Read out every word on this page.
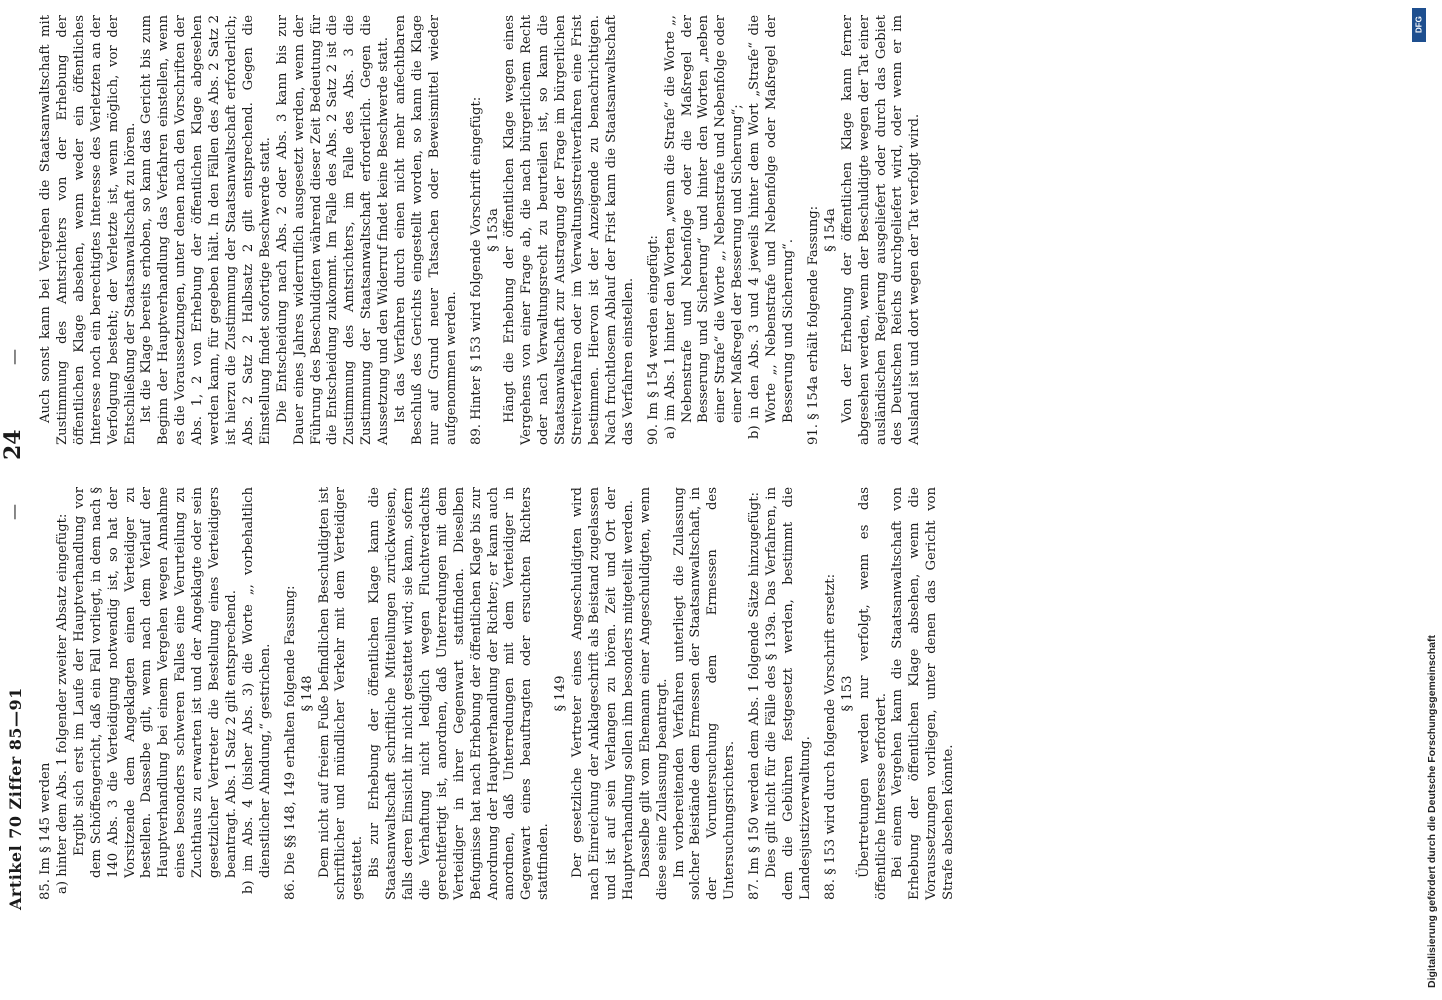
Artikel 70 Ziffer 85—91
—
24
—

85. Im § 145 werden a) hinter dem Abs. 1 folgender zweiter Absatz eingefügt: Ergibt sich erst im Laufe der Hauptverhandlung vor dem Schöffengericht, daß ein Fall vorliegt, in dem nach § 140 Abs. 3 die Verteidigung notwendig ist, so hat der Vorsitzende dem Angeklagten einen Verteidiger zu bestellen. Dasselbe gilt, wenn nach dem Verlauf der Hauptverhandlung bei einem Vergehen wegen Annahme eines besonders schweren Falles eine Verurteilung zu Zuchthaus zu erwarten ist und der Angeklagte oder sein gesetzlicher Vertreter die Bestellung eines Verteidigers beantragt. Abs. 1 Satz 2 gilt entsprechend. b) im Abs. 4 (bisher Abs. 3) die Worte „, vorbehaltlich dienstlicher Ahndung,“ gestrichen. 86. Die §§ 148, 149 erhalten folgende Fassung: § 148 Dem nicht auf freiem Fuße befindlichen Beschuldigten ist schriftlicher und mündlicher Verkehr mit dem Verteidiger gestattet. Bis zur Erhebung der öffentlichen Klage kann die Staatsanwaltschaft schriftliche Mitteilungen zurückweisen, falls deren Einsicht ihr nicht gestattet wird; sie kann, sofern die Verhaftung nicht lediglich wegen Fluchtverdachts gerechtfertigt ist, anordnen, daß Unterredungen mit dem Verteidiger in ihrer Gegenwart stattfinden. Dieselben Befugnisse hat nach Erhebung der öffentlichen Klage bis zur Anordnung der Hauptverhandlung der Richter; er kann auch anordnen, daß Unterredungen mit dem Verteidiger in Gegenwart eines beauftragten oder ersuchten Richters stattfinden.

§ 149 Der gesetzliche Vertreter eines Angeschuldigten wird nach Einreichung der Anklageschrift als Beistand zugelassen und ist auf sein Verlangen zu hören. Zeit und Ort der Hauptverhandlung sollen ihm besonders mitgeteilt werden. Dasselbe gilt vom Ehemann einer Angeschuldigten, wenn diese seine Zulassung beantragt. Im vorbereitenden Verfahren unterliegt die Zulassung solcher Beistände dem Ermessen der Staatsanwaltschaft, in der Voruntersuchung dem Ermessen des Untersuchungsrichters. 87. Im § 150 werden dem Abs. 1 folgende Sätze hinzugefügt: Dies gilt nicht für die Fälle des § 139a. Das Verfahren, in dem die Gebühren festgesetzt werden, bestimmt die Landesjustizverwaltung. 88. § 153 wird durch folgende Vorschrift ersetzt: § 153 Übertretungen werden nur verfolgt, wenn es das öffentliche Interesse erfordert. Bei einem Vergehen kann die Staatsanwaltschaft von Erhebung der öffentlichen Klage absehen, wenn die Voraussetzungen vorliegen, unter denen das Gericht von Strafe absehen könnte.

Auch sonst kann bei Vergehen die Staatsanwaltschaft mit Zustimmung des Amtsrichters von der Erhebung der öffentlichen Klage absehen, wenn weder ein öffentliches Interesse noch ein berechtigtes Interesse des Verletzten an der Verfolgung besteht; der Verletzte ist, wenn möglich, vor der Entschließung der Staatsanwaltschaft zu hören. Ist die Klage bereits erhoben, so kann das Gericht bis zum Beginn der Hauptverhandlung das Verfahren einstellen, wenn es die Voraussetzungen, unter denen nach den Vorschriften der Abs. 1, 2 von Erhebung der öffentlichen Klage abgesehen werden kann, für gegeben hält. In den Fällen des Abs. 2 Satz 2 ist hierzu die Zustimmung der Staatsanwaltschaft erforderlich; Abs. 2 Satz 2 Halbsatz 2 gilt entsprechend. Gegen die Einstellung findet sofortige Beschwerde statt. Die Entscheidung nach Abs. 2 oder Abs. 3 kann bis zur Dauer eines Jahres widerruflich ausgesetzt werden, wenn der Führung des Beschuldigten während dieser Zeit Bedeutung für die Entscheidung zukommt. Im Falle des Abs. 2 Satz 2 ist die Zustimmung des Amtsrichters, im Falle des Abs. 3 die Zustimmung der Staatsanwaltschaft erforderlich. Gegen die Aussetzung und den Widerruf findet keine Beschwerde statt. Ist das Verfahren durch einen nicht mehr anfechtbaren Beschluß des Gerichts eingestellt worden, so kann die Klage nur auf Grund neuer Tatsachen oder Beweismittel wieder aufgenommen werden. 89. Hinter § 153 wird folgende Vorschrift eingefügt: § 153a Hängt die Erhebung der öffentlichen Klage wegen eines Vergehens von einer Frage ab, die nach bürgerlichem Recht oder nach Verwaltungsrecht zu beurteilen ist, so kann die Staatsanwaltschaft zur Austragung der Frage im bürgerlichen Streitverfahren oder im Verwaltungsstreitverfahren eine Frist bestimmen. Hiervon ist der Anzeigende zu benachrichtigen. Nach fruchtlosem Ablauf der Frist kann die Staatsanwaltschaft das Verfahren einstellen. 90. Im § 154 werden eingefügt: a) im Abs. 1 hinter den Worten „wenn die Strafe“ die Worte „, Nebenstrafe und Nebenfolge oder die Maßregel der Besserung und Sicherung“ und hinter den Worten „neben einer Strafe“ die Worte „, Nebenstrafe und Nebenfolge oder einer Maßregel der Besserung und Sicherung“; b) in den Abs. 3 und 4 jeweils hinter dem Wort „Strafe“ die Worte „, Nebenstrafe und Nebenfolge oder Maßregel der Besserung und Sicherung“. 91. § 154a erhält folgende Fassung: § 154a Von der Erhebung der öffentlichen Klage kann ferner abgesehen werden, wenn der Beschuldigte wegen der Tat einer ausländischen Regierung ausgeliefert oder durch das Gebiet des Deutschen Reichs durchgeliefert wird, oder wenn er im Ausland ist und dort wegen der Tat verfolgt wird.

Digitalisierung gefördert durch die Deutsche Forschungsgemeinschaft
DFG
